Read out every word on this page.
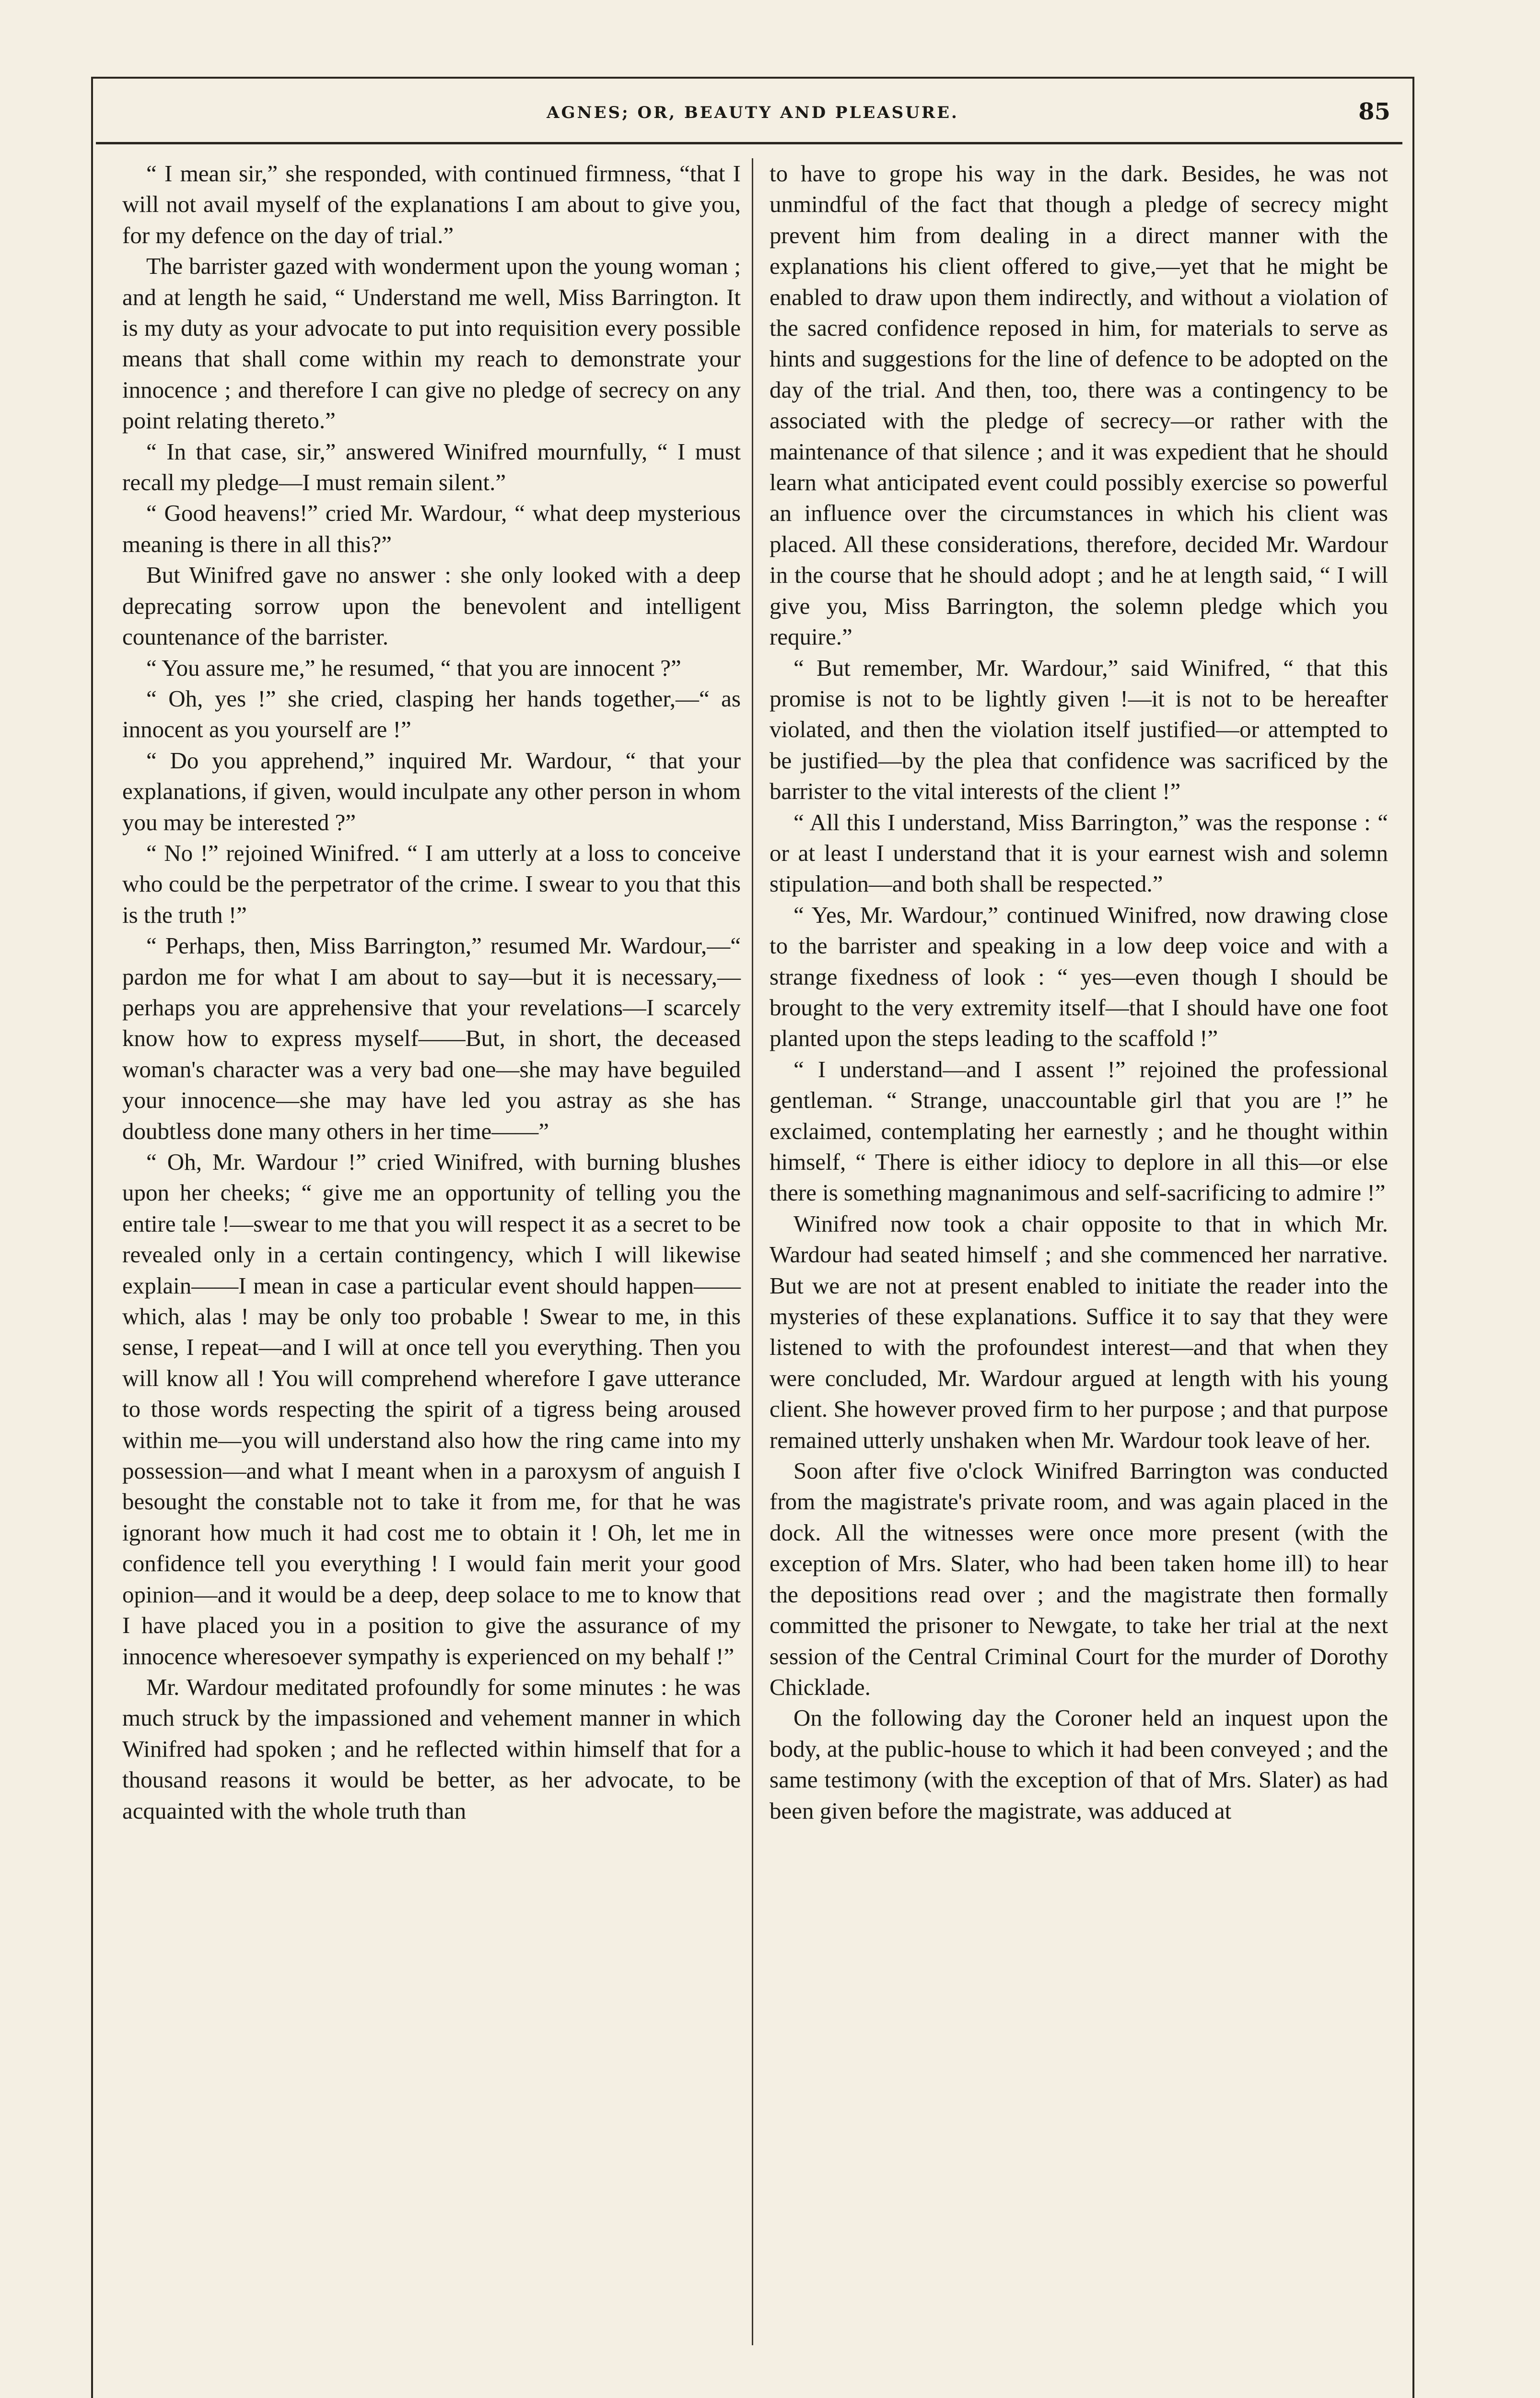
AGNES; OR, BEAUTY AND PLEASURE.	85

“ I mean sir,” she responded, with continued firmness, “that I will not avail myself of the explanations I am about to give you, for my defence on the day of trial.”

The barrister gazed with wonderment upon the young woman ; and at length he said, “ Understand me well, Miss Barrington. It is my duty as your advocate to put into requisition every possible means that shall come within my reach to demonstrate your innocence ; and therefore I can give no pledge of secrecy on any point relating thereto.”

“ In that case, sir,” answered Winifred mournfully, “ I must recall my pledge—I must remain silent.”

“ Good heavens!” cried Mr. Wardour, “ what deep mysterious meaning is there in all this?”

But Winifred gave no answer : she only looked with a deep deprecating sorrow upon the benevolent and intelligent countenance of the barrister.

“ You assure me,” he resumed, “ that you are innocent ?”

“ Oh, yes !” she cried, clasping her hands together,—“ as innocent as you yourself are !”

“ Do you apprehend,” inquired Mr. Wardour, “ that your explanations, if given, would inculpate any other person in whom you may be interested ?”

“ No !” rejoined Winifred. “ I am utterly at a loss to conceive who could be the perpetrator of the crime. I swear to you that this is the truth !”

“ Perhaps, then, Miss Barrington,” resumed Mr. Wardour,—“ pardon me for what I am about to say—but it is necessary,—perhaps you are apprehensive that your revelations—I scarcely know how to express myself——But, in short, the deceased woman's character was a very bad one—she may have beguiled your innocence—she may have led you astray as she has doubtless done many others in her time——”

“ Oh, Mr. Wardour !” cried Winifred, with burning blushes upon her cheeks; “ give me an opportunity of telling you the entire tale !—swear to me that you will respect it as a secret to be revealed only in a certain contingency, which I will likewise explain——I mean in case a particular event should happen——which, alas ! may be only too probable ! Swear to me, in this sense, I repeat—and I will at once tell you everything. Then you will know all ! You will comprehend wherefore I gave utterance to those words respecting the spirit of a tigress being aroused within me—you will understand also how the ring came into my possession—and what I meant when in a paroxysm of anguish I besought the constable not to take it from me, for that he was ignorant how much it had cost me to obtain it ! Oh, let me in confidence tell you everything ! I would fain merit your good opinion—and it would be a deep, deep solace to me to know that I have placed you in a position to give the assurance of my innocence wheresoever sympathy is experienced on my behalf !”

Mr. Wardour meditated profoundly for some minutes : he was much struck by the impassioned and vehement manner in which Winifred had spoken ; and he reflected within himself that for a thousand reasons it would be better, as her advocate, to be acquainted with the whole truth than

to have to grope his way in the dark. Besides, he was not unmindful of the fact that though a pledge of secrecy might prevent him from dealing in a direct manner with the explanations his client offered to give,—yet that he might be enabled to draw upon them indirectly, and without a violation of the sacred confidence reposed in him, for materials to serve as hints and suggestions for the line of defence to be adopted on the day of the trial. And then, too, there was a contingency to be associated with the pledge of secrecy—or rather with the maintenance of that silence ; and it was expedient that he should learn what anticipated event could possibly exercise so powerful an influence over the circumstances in which his client was placed. All these considerations, therefore, decided Mr. Wardour in the course that he should adopt ; and he at length said, “ I will give you, Miss Barrington, the solemn pledge which you require.”

“ But remember, Mr. Wardour,” said Winifred, “ that this promise is not to be lightly given !—it is not to be hereafter violated, and then the violation itself justified—or attempted to be justified—by the plea that confidence was sacrificed by the barrister to the vital interests of the client !”

“ All this I understand, Miss Barrington,” was the response : “ or at least I understand that it is your earnest wish and solemn stipulation—and both shall be respected.”

“ Yes, Mr. Wardour,” continued Winifred, now drawing close to the barrister and speaking in a low deep voice and with a strange fixedness of look : “ yes—even though I should be brought to the very extremity itself—that I should have one foot planted upon the steps leading to the scaffold !”

“ I understand—and I assent !” rejoined the professional gentleman. “ Strange, unaccountable girl that you are !” he exclaimed, contemplating her earnestly ; and he thought within himself, “ There is either idiocy to deplore in all this—or else there is something magnanimous and self-sacrificing to admire !”

Winifred now took a chair opposite to that in which Mr. Wardour had seated himself ; and she commenced her narrative. But we are not at present enabled to initiate the reader into the mysteries of these explanations. Suffice it to say that they were listened to with the profoundest interest—and that when they were concluded, Mr. Wardour argued at length with his young client. She however proved firm to her purpose ; and that purpose remained utterly unshaken when Mr. Wardour took leave of her.

Soon after five o'clock Winifred Barrington was conducted from the magistrate's private room, and was again placed in the dock. All the witnesses were once more present (with the exception of Mrs. Slater, who had been taken home ill) to hear the depositions read over ; and the magistrate then formally committed the prisoner to Newgate, to take her trial at the next session of the Central Criminal Court for the murder of Dorothy Chicklade.

On the following day the Coroner held an inquest upon the body, at the public-house to which it had been conveyed ; and the same testimony (with the exception of that of Mrs. Slater) as had been given before the magistrate, was adduced at
